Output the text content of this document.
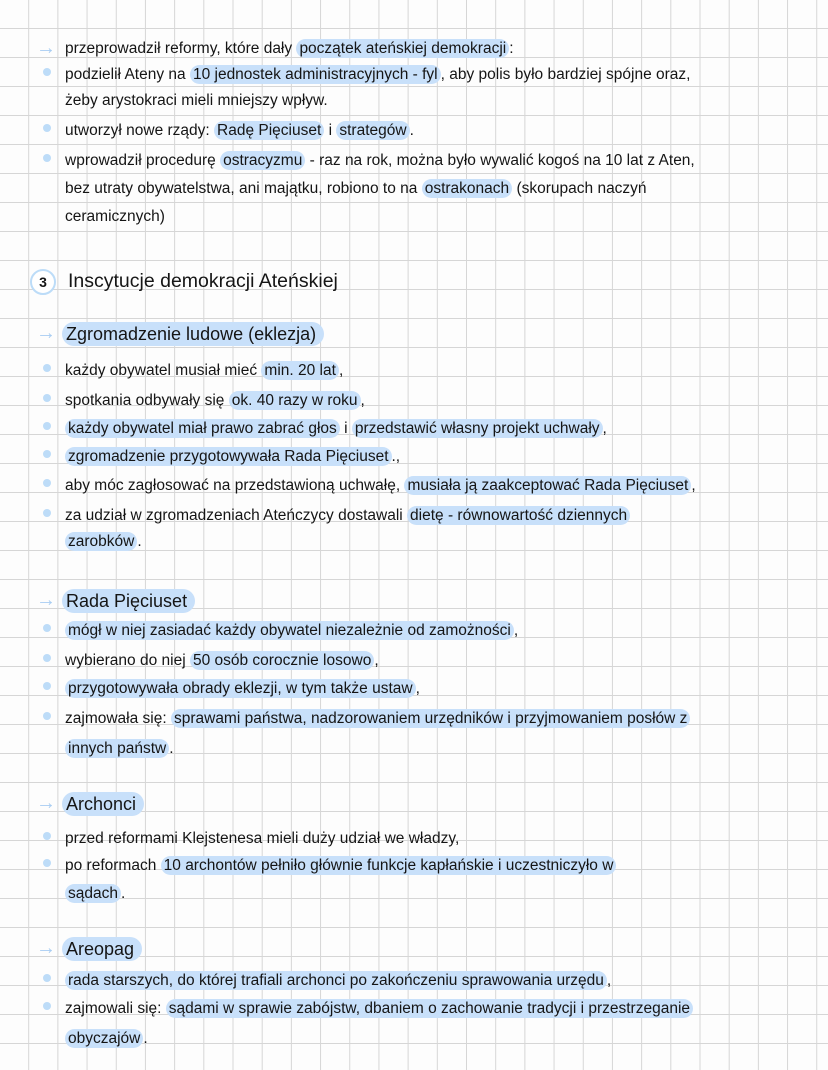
→ przeprowadził reformy, które dały początek ateńskiej demokracji :
podzielił Ateny na 10 jednostek administracyjnych - fyl , aby polis było bardziej spójne oraz,
żeby arystokraci mieli mniejszy wpływ.
utworzył nowe rządy: Radę Pięciuset i strategów .
wprowadził procedurę ostracyzmu - raz na rok, można było wywalić kogoś na 10 lat z Aten,
bez utraty obywatelstwa, ani majątku, robiono to na ostrakonach (skorupach naczyń
ceramicznych)
3	Inscytucje demokracji Ateńskiej
→ Zgromadzenie ludowe (eklezja)
każdy obywatel musiał mieć min. 20 lat ,
spotkania odbywały się ok. 40 razy w roku ,
każdy obywatel miał prawo zabrać głos i przedstawić własny projekt uchwały ,
zgromadzenie przygotowywała Rada Pięciuset .,
aby móc zagłosować na przedstawioną uchwałę, musiała ją zaakceptować Rada Pięciuset ,
za udział w zgromadzeniach Ateńczycy dostawali dietę - równowartość dziennych
zarobków .
→ Rada Pięciuset
mógł w niej zasiadać każdy obywatel niezależnie od zamożności ,
wybierano do niej 50 osób corocznie losowo ,
przygotowywała obrady eklezji, w tym także ustaw ,
zajmowała się: sprawami państwa, nadzorowaniem urzędników i przyjmowaniem posłów z
innych państw .
→ Archonci
przed reformami Klejstenesa mieli duży udział we władzy,
po reformach 10 archontów pełniło głównie funkcje kapłańskie i uczestniczyło w
sądach .
→ Areopag
rada starszych, do której trafiali archonci po zakończeniu sprawowania urzędu ,
zajmowali się: sądami w sprawie zabójstw, dbaniem o zachowanie tradycji i przestrzeganie
obyczajów .
